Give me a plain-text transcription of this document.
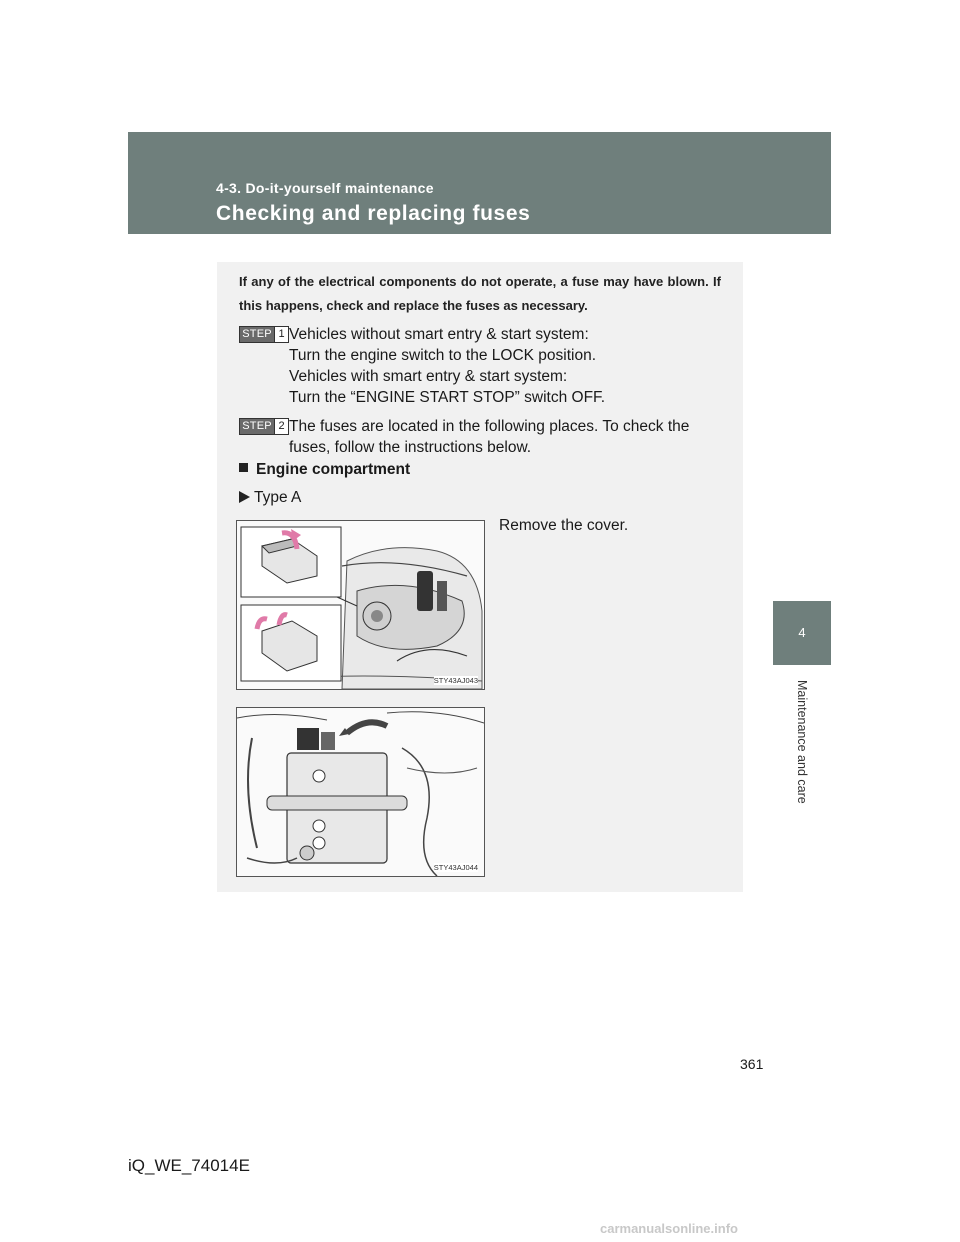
4-3. Do-it-yourself maintenance
Checking and replacing fuses
4
Maintenance and care
If any of the electrical components do not operate, a fuse may have blown. If this happens, check and replace the fuses as necessary.
STEP 1 Vehicles without smart entry & start system:
Turn the engine switch to the LOCK position.
Vehicles with smart entry & start system:
Turn the “ENGINE START STOP” switch OFF.
STEP 2 The fuses are located in the following places. To check the
fuses, follow the instructions below.
Engine compartment
Type A
STY43AJ043
Remove the cover.
STY43AJ044
361
iQ_WE_74014E
carmanualsonline.info
